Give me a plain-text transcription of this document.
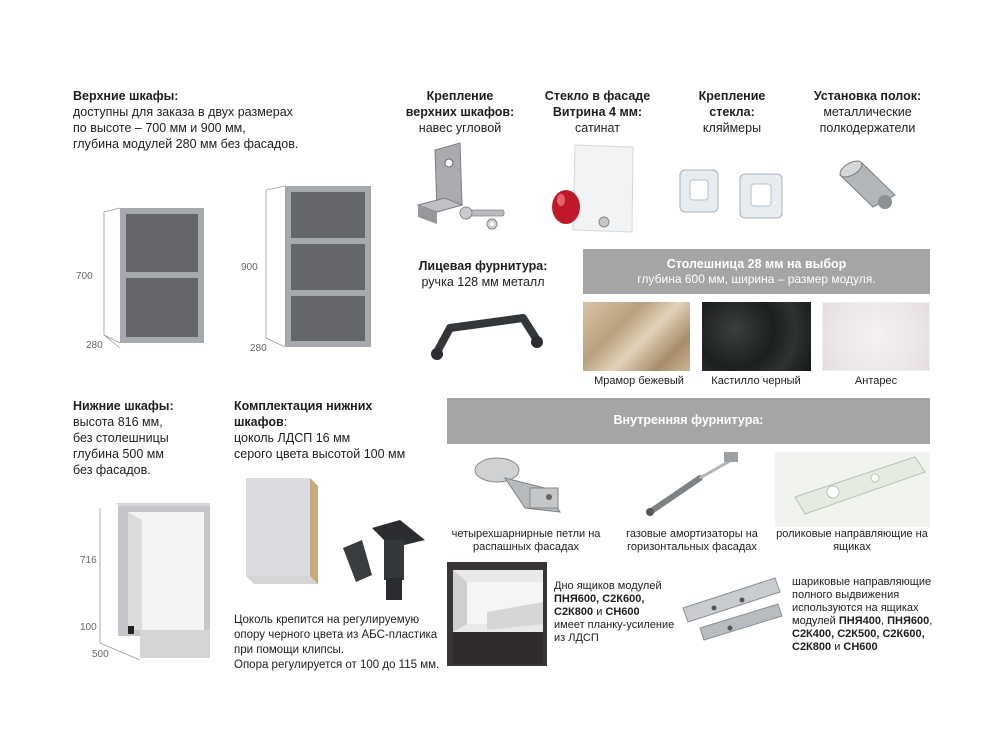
Верхние шкафы:
доступны для заказа в двух размерах
по высоте – 700 мм и 900 мм,
глубина модулей 280 мм без фасадов.
700
280
900
280
Крепление
верхних шкафов:
навес угловой
Стекло в фасаде
Витрина 4 мм:
сатинат
Крепление
стекла:
кляймеры
Установка полок:
металлические
полкодержатели
Лицевая фурнитура:
ручка 128 мм металл
Столешница 28 мм на выбор
глубина 600 мм, ширина – размер модуля.
Мрамор бежевый	Кастилло черный	Антарес
Нижние шкафы:
высота 816 мм,
без столешницы
глубина 500 мм
без фасадов.
716
100
500
Комплектация нижних
шкафов:
цоколь ЛДСП 16 мм
серого цвета высотой 100 мм
Цоколь крепится на регулируемую
опору черного цвета из АБС-пластика
при помощи клипсы.
Опора регулируется от 100 до 115 мм.
Внутренняя фурнитура:
четырехшарнирные петли на
распашных фасадах
газовые амортизаторы на
горизонтальных фасадах
роликовые направляющие на
ящиках
Дно ящиков модулей
ПНЯ600, С2К600,
С2К800 и СН600
имеет планку-усиление
из ЛДСП
шариковые направляющие
полного выдвижения
используются на ящиках
модулей ПНЯ400, ПНЯ600,
С2К400, С2К500, С2К600,
С2К800 и СН600
